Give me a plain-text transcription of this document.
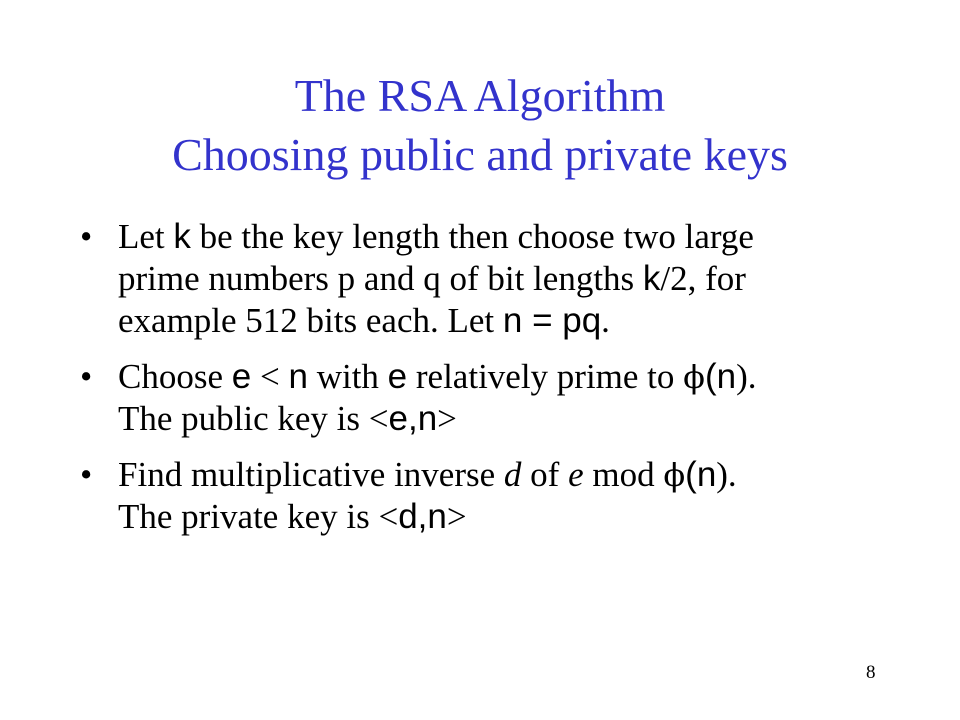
The RSA Algorithm
Choosing public and private keys
• Let k be the key length then choose two large
prime numbers p and q of bit lengths k/2, for
example 512 bits each. Let n = pq.
• Choose e < n with e relatively prime to ϕ(n).
The public key is <e,n>
• Find multiplicative inverse d of e mod ϕ(n).
The private key is <d,n>
8
